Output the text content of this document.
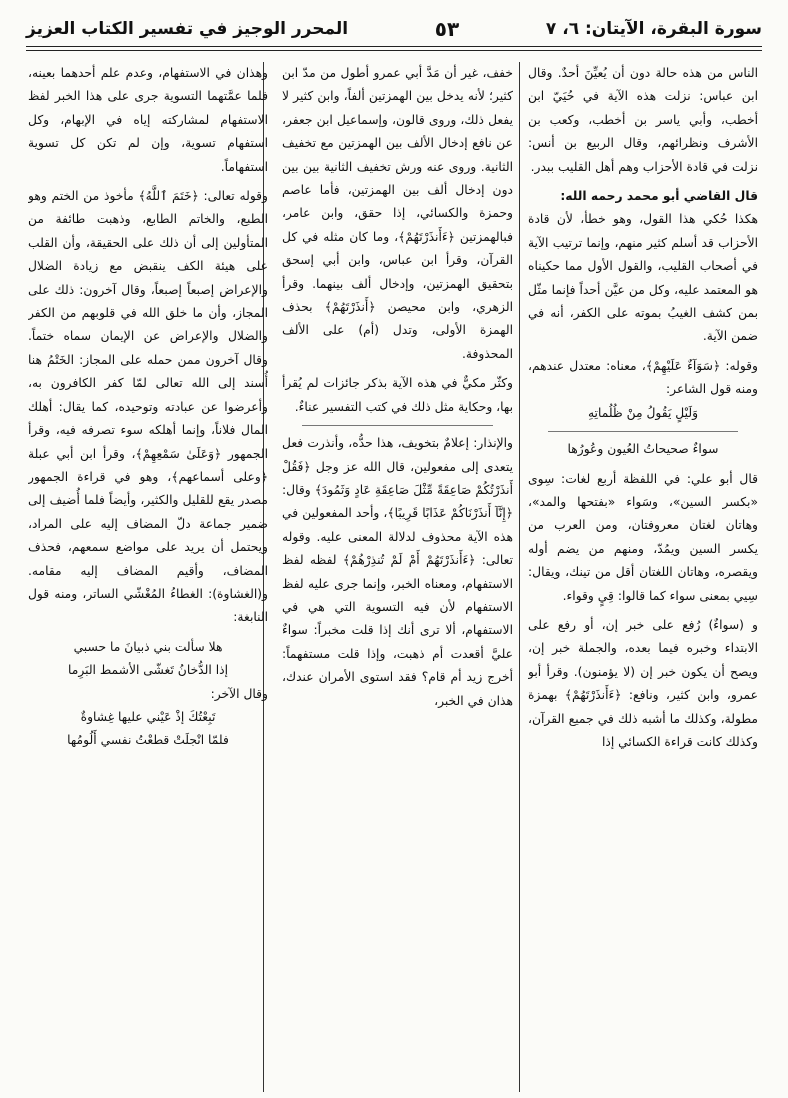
سورة البقرة، الآيتان: ٦، ٧
٥٣
المحرر الوجيز في تفسير الكتاب العزيز

الناس من هذه حالة دون أن يُعيِّنَ أحدٌ. وقال ابن عباس: نزلت هذه الآية في حُيَيّ ابن أخطب، وأبي ياسر بن أخطب، وكعب بن الأشرف ونظرائهم، وقال الربيع بن أنس: نزلت في قادة الأحزاب وهم أهل القليب ببدر.

قال القاضي أبو محمد رحمه الله:

هكذا حُكي هذا القول، وهو خطأ، لأن قادة الأحزاب قد أسلم كثير منهم، وإنما ترتيب الآية في أصحاب القليب، والقول الأول مما حكيناه هو المعتمد عليه، وكل من عيَّن أحداً فإنما مثّل بمن كشف الغيبُ بموته على الكفر، أنه في ضمن الآية.

وقوله: ﴿سَوَآءٌ عَلَيْهِمْ﴾، معناه: معتدل عندهم، ومنه قول الشاعر:

وَلَيْلٍ يَقُولُ مِنْ ظُلُماتِهِ

سواءٌ صحيحاتُ العُيون وعُورُها

قال أبو علي: في اللفظة أربع لغات: سِوى «بكسر السين»، وسَواء «بفتحها والمد»، وهاتان لغتان معروفتان، ومن العرب من يكسر السين ويمُدّ، ومنهم من يضم أوله ويقصره، وهاتان اللغتان أقل من تينك، ويقال: سِيي بمعنى سواء كما قالوا: قِيٍ وقواء.

و (سواءٌ) رُفع على خبر إن، أو رفع على الابتداء وخبره فيما بعده، والجملة خبر إن، ويصح أن يكون خبر إن (لا يؤمنون). وقرأ أبو عمرو، وابن كثير، ونافع: ﴿ءَأَنذَرْتَهُمْ﴾ بهمزة مطولة، وكذلك ما أشبه ذلك في جميع القرآن، وكذلك كانت قراءة الكسائي إذا

خفف، غير أن مَدَّ أبي عمرو أطول من مدّ ابن كثير؛ لأنه يدخل بين الهمزتين ألفاً، وابن كثير لا يفعل ذلك، وروى قالون، وإسماعيل ابن جعفر، عن نافع إدخال الألف بين الهمزتين مع تخفيف الثانية. وروى عنه ورش تخفيف الثانية بين بين دون إدخال ألف بين الهمزتين، فأما عاصم وحمزة والكسائي، إذا حقق، وابن عامر، فبالهمزتين ﴿ءَأَنذَرْتَهُمْ﴾، وما كان مثله في كل القرآن، وقرأ ابن عباس، وابن أبي إسحق بتحقيق الهمزتين، وإدخال ألف بينهما. وقرأ الزهري، وابن محيصن ﴿أَنذَرْتَهُمْ﴾ بحذف الهمزة الأولى، وتدل (أم) على الألف المحذوفة.

وكثّر مكيٌّ في هذه الآية بذكر جائزات لم يُقرأ بها، وحكاية مثل ذلك في كتب التفسير عناءٌ.

والإنذار: إعلامٌ بتخويف، هذا حدُّه، وأنذرت فعل يتعدى إلى مفعولين، قال الله عز وجل ﴿فَقُلْ أَنذَرْتُكُمْ صَاعِقَةً مِّثْلَ صَاعِقَةِ عَادٍ وَثَمُودَ﴾ وقال: ﴿إِنَّآ أَنذَرْنَاكُمْ عَذَابًا قَرِيبًا﴾، وأحد المفعولين في هذه الآية محذوف لدلالة المعنى عليه. وقوله تعالى: ﴿ءَأَنذَرْتَهُمْ أَمْ لَمْ تُنذِرْهُمْ﴾ لفظه لفظ الاستفهام، ومعناه الخبر، وإنما جرى عليه لفظ الاستفهام لأن فيه التسوية التي هي في الاستفهام، ألا ترى أنك إذا قلت مخبراً: سواءٌ عليَّ أقعدت أم ذهبت، وإذا قلت مستفهماً: أخرج زيد أم قام؟ فقد استوى الأمران عندك، هذان في الخبر،

وهذان في الاستفهام، وعدم علم أحدهما بعينه، فلما عمَّتهما التسوية جرى على هذا الخبر لفظ الاستفهام لمشاركته إياه في الإبهام، وكل استفهام تسوية، وإن لم تكن كل تسوية استفهاماً.

وقوله تعالى: ﴿خَتَمَ ٱللَّهُ﴾ مأخوذ من الختم وهو الطبع، والخاتم الطابع، وذهبت طائفة من المتأولين إلى أن ذلك على الحقيقة، وأن القلب على هيئة الكف ينقبض مع زيادة الضلال والإعراض إصبعاً إصبعاً، وقال آخرون: ذلك على المجاز، وأن ما خلق الله في قلوبهم من الكفر والضلال والإعراض عن الإيمان سماه ختماً. وقال آخرون ممن حمله على المجاز: الخَتْمُ هنا أُسند إلى الله تعالى لمّا كفر الكافرون به، وأعرضوا عن عبادته وتوحيده، كما يقال: أهلك المال فلاناً، وإنما أهلكه سوء تصرفه فيه، وقرأ الجمهور ﴿وَعَلَىٰ سَمْعِهِمْ﴾، وقرأ ابن أبي عبلة ﴿وعلى أسماعهم﴾، وهو في قراءة الجمهور مصدر يقع للقليل والكثير، وأيضاً فلما أُضيف إلى ضمير جماعة دلّ المضاف إليه على المراد، ويحتمل أن يريد على مواضع سمعهم، فحذف المضاف، وأقيم المضاف إليه مقامه. و(الغشاوة): الغطاءُ المُغْشّي الساتر، ومنه قول النابغة:

هلا سألت بني ذبيانَ ما حسبي

إذا الدُّخانُ تَغشّى الأشمط البَرِما

وقال الآخر:

تَبِعْتُكَ إذْ عَيْني عليها غِشاوةٌ

فلمّا انْجلَتْ قطعْتُ نفسي أَلُومُها
